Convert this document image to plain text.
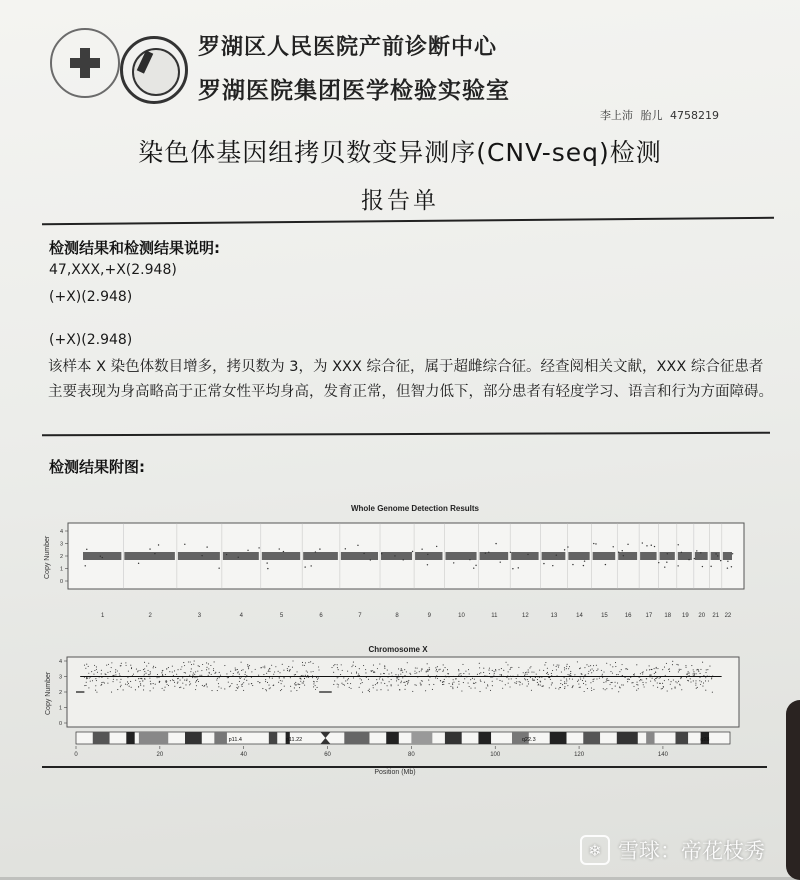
罗湖区人民医院产前诊断中心
罗湖医院集团医学检验实验室
李上沛 胎儿 4758219
染色体基因组拷贝数变异测序(CNV-seq)检测
报告单
检测结果和检测结果说明:
47,XXX,+X(2.948)
(+X)(2.948)
(+X)(2.948)
该样本 X 染色体数目增多，拷贝数为 3，为 XXX 综合征，属于超雌综合征。经查阅相关文献，XXX 综合征患者主要表现为身高略高于正常女性平均身高，发育正常，但智力低下，部分患者有轻度学习、语言和行为方面障碍。
检测结果附图:
Whole Genome Detection Results
Copy Number
0
1
2
3
4
1	2	3	4	5	6	7	8	9	10	11	12	13	14	15	16 17 18 19 20 21 22
Chromosome X
Copy Number
0
1
2
3
4
p11.4	p11.22	q22.3	q28
0	20	40	60	80	100	120	140
Position (Mb)
❄ 雪球：帝花枝秀
